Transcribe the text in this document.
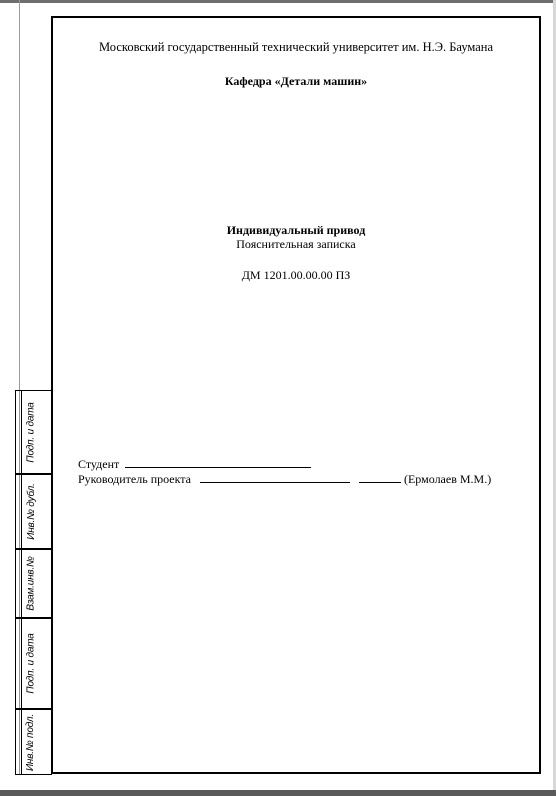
Подп. и дата
Инв.№ дубл.
Взам.инв.№
Подп. и дата
Инв.№ подл.
Московский государственный технический университет им. Н.Э. Баумана
Кафедра «Детали машин»
Индивидуальный привод
Пояснительная записка
ДМ 1201.00.00.00 ПЗ
Студент
Руководитель проекта	(Ермолаев М.М.)
